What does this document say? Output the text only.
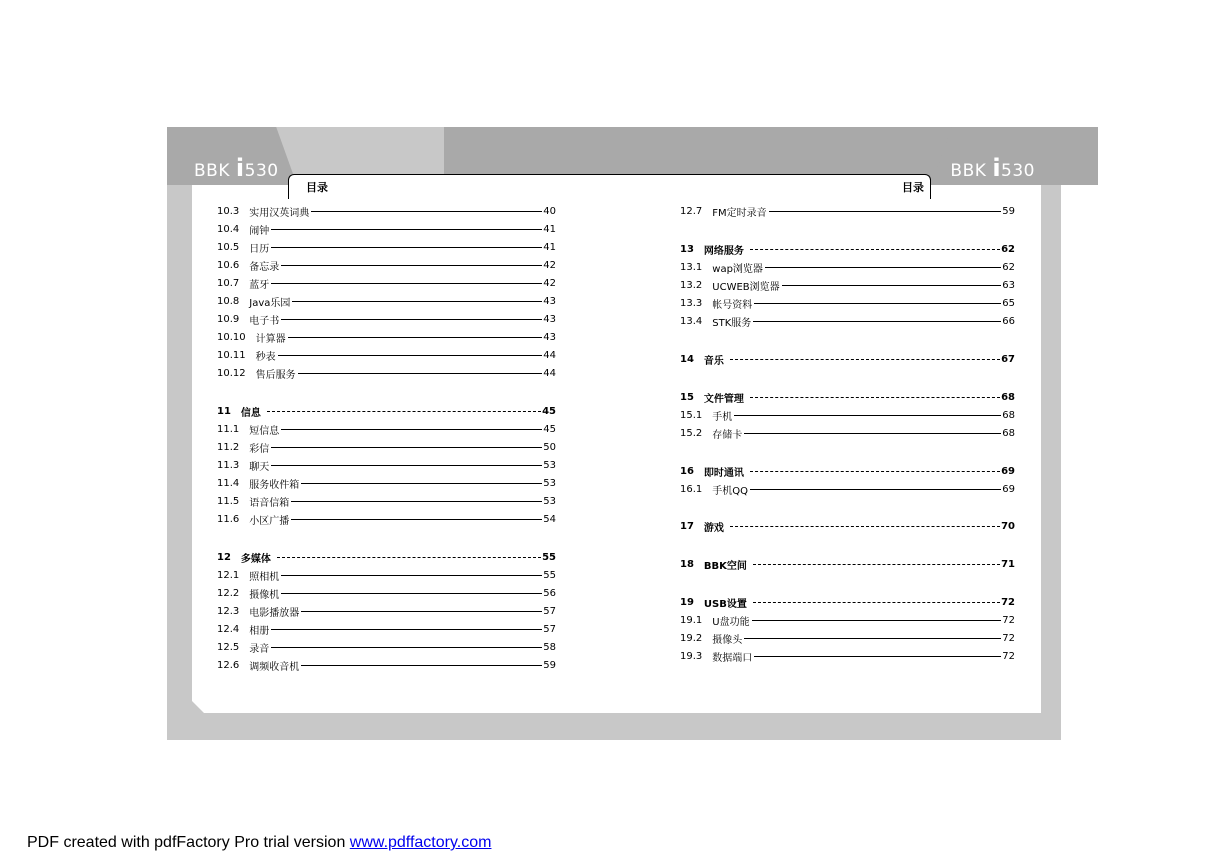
BBK i530	BBK i530
目录	目录
10.3 实用汉英词典	40
10.4 闹钟	41
10.5 日历	41
10.6 备忘录	42
10.7 蓝牙	42
10.8 Java乐园	43
10.9 电子书	43
10.10 计算器	43
10.11 秒表	44
10.12 售后服务	44
11 信息	45
11.1 短信息	45
11.2 彩信	50
11.3 聊天	53
11.4 服务收件箱	53
11.5 语音信箱	53
11.6 小区广播	54
12 多媒体	55
12.1 照相机	55
12.2 摄像机	56
12.3 电影播放器	57
12.4 相册	57
12.5 录音	58
12.6 调频收音机	59
12.7 FM定时录音	59
13 网络服务	62
13.1 wap浏览器	62
13.2 UCWEB浏览器	63
13.3 帐号资料	65
13.4 STK服务	66
14 音乐	67
15 文件管理	68
15.1 手机	68
15.2 存储卡	68
16 即时通讯	69
16.1 手机QQ	69
17 游戏	70
18 BBK空间	71
19 USB设置	72
19.1 U盘功能	72
19.2 摄像头	72
19.3 数据端口	72
PDF created with pdfFactory Pro trial version www.pdffactory.com
